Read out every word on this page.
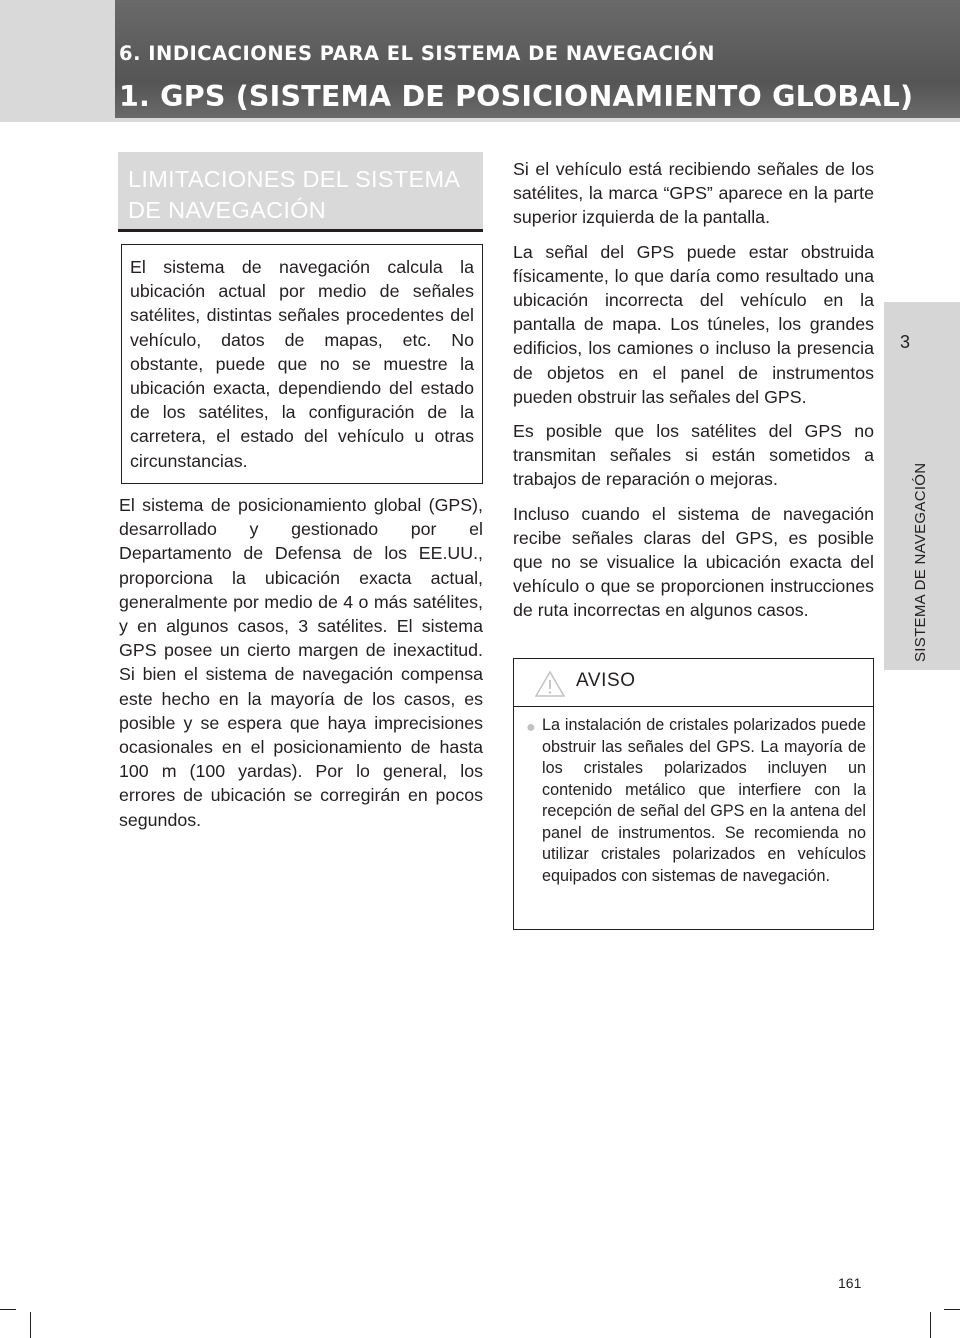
6. INDICACIONES PARA EL SISTEMA DE NAVEGACIÓN
1. GPS (SISTEMA DE POSICIONAMIENTO GLOBAL)
3
SISTEMA DE NAVEGACIÓN
LIMITACIONES DEL SISTEMA DE NAVEGACIÓN
El sistema de navegación calcula la ubicación actual por medio de señales satélites, distintas señales procedentes del vehículo, datos de mapas, etc. No obstante, puede que no se muestre la ubicación exacta, dependiendo del estado de los satélites, la configuración de la carretera, el estado del vehículo u otras circunstancias.

El sistema de posicionamiento global (GPS), desarrollado y gestionado por el Departamento de Defensa de los EE.UU., proporciona la ubicación exacta actual, generalmente por medio de 4 o más satélites, y en algunos casos, 3 satélites. El sistema GPS posee un cierto margen de inexactitud. Si bien el sistema de navegación compensa este hecho en la mayoría de los casos, es posible y se espera que haya imprecisiones ocasionales en el posicionamiento de hasta 100 m (100 yardas). Por lo general, los errores de ubicación se corregirán en pocos segundos.

Si el vehículo está recibiendo señales de los satélites, la marca “GPS” aparece en la parte superior izquierda de la pantalla.

La señal del GPS puede estar obstruida físicamente, lo que daría como resultado una ubicación incorrecta del vehículo en la pantalla de mapa. Los túneles, los grandes edificios, los camiones o incluso la presencia de objetos en el panel de instrumentos pueden obstruir las señales del GPS.

Es posible que los satélites del GPS no transmitan señales si están sometidos a trabajos de reparación o mejoras.

Incluso cuando el sistema de navegación recibe señales claras del GPS, es posible que no se visualice la ubicación exacta del vehículo o que se proporcionen instrucciones de ruta incorrectas en algunos casos.

AVISO
● La instalación de cristales polarizados puede obstruir las señales del GPS. La mayoría de los cristales polarizados incluyen un contenido metálico que interfiere con la recepción de señal del GPS en la antena del panel de instrumentos. Se recomienda no utilizar cristales polarizados en vehículos equipados con sistemas de navegación.
161
